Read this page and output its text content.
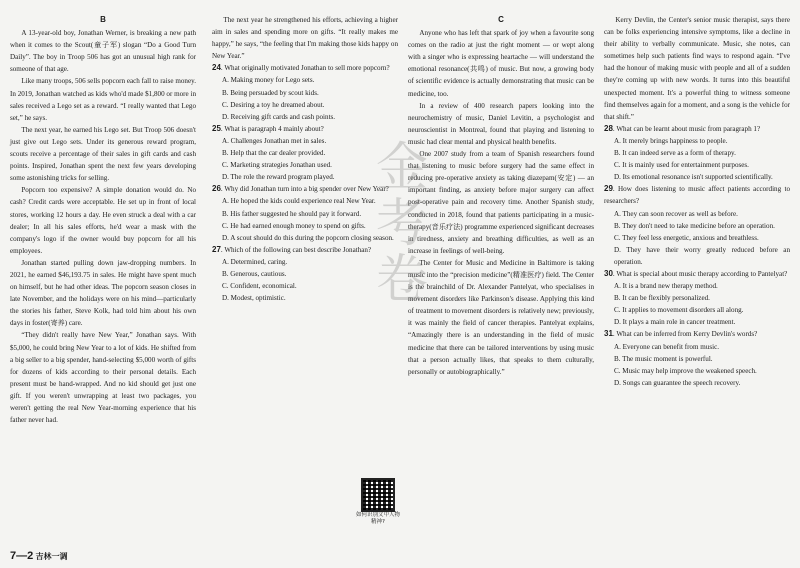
B

A 13-year-old boy, Jonathan Werner, is breaking a new path when it comes to the Scout(童子军) slogan “Do a Good Turn Daily”. The boy in Troop 506 has got an unusual high rank for someone of that age.

Like many troops, 506 sells popcorn each fall to raise money. In 2019, Jonathan watched as kids who'd made $1,800 or more in sales received a Lego set as a reward. “I really wanted that Lego set,” he says.

The next year, he earned his Lego set. But Troop 506 doesn't just give out Lego sets. Under its generous reward program, scouts receive a percentage of their sales in gift cards and cash points. Inspired, Jonathan spent the next few years developing some astonishing tricks for selling.

Popcorn too expensive? A simple donation would do. No cash? Credit cards were acceptable. He set up in front of local stores, working 12 hours a day. He even struck a deal with a car dealer; In all his sales efforts, he'd wear a mask with the company's logo if the owner would buy popcorn for all his employees.

Jonathan started pulling down jaw-dropping numbers. In 2021, he earned $46,193.75 in sales. He might have spent much on himself, but he had other ideas. The popcorn season closes in late November, and the holidays were on his mind—particularly the stories his father, Steve Kolk, had told him about his own days in foster(寄养) care.

“They didn't really have New Year,” Jonathan says. With $5,000, he could bring New Year to a lot of kids. He shifted from a big seller to a big spender, hand-selecting $5,000 worth of gifts for dozens of kids according to their personal details. Each present must be hand-wrapped. And no kid should get just one gift. If you weren't unwrapping at least two packages, you weren't getting the real New Year-morning experience that his father never had.

The next year he strengthened his efforts, achieving a higher aim in sales and spending more on gifts. “It really makes me happy,” he says, “the feeling that I'm making those kids happy on New Year.”

24. What originally motivated Jonathan to sell more popcorn?
A. Making money for Lego sets.
B. Being persuaded by scout kids.
C. Desiring a toy he dreamed about.
D. Receiving gift cards and cash points.
25. What is paragraph 4 mainly about?
A. Challenges Jonathan met in sales.
B. Help that the car dealer provided.
C. Marketing strategies Jonathan used.
D. The role the reward program played.
26. Why did Jonathan turn into a big spender over New Year?
A. He hoped the kids could experience real New Year.
B. His father suggested he should pay it forward.
C. He had earned enough money to spend on gifts.
D. A scout should do this during the popcorn closing season.
27. Which of the following can best describe Jonathan?
A. Determined, caring.
B. Generous, cautious.
C. Confident, economical.
D. Modest, optimistic.
C

Anyone who has left that spark of joy when a favourite song comes on the radio at just the right moment — or wept along with a singer who is expressing heartache — will understand the emotional resonance(共鸣) of music. But now, a growing body of scientific evidence is actually demonstrating that music can be medicine, too.

In a review of 400 research papers looking into the neurochemistry of music, Daniel Levitin, a psychologist and neuroscientist in Montreal, found that playing and listening to music had clear mental and physical health benefits.

One 2007 study from a team of Spanish researchers found that listening to music before surgery had the same effect in reducing pre-operative anxiety as taking diazepam(安定) — an important finding, as anxiety before major surgery can affect post-operative pain and recovery time. Another Spanish study, conducted in 2018, found that patients participating in a music-therapy(音乐疗法) programme experienced significant decreases in tiredness, anxiety and breathing difficulties, as well as an increase in feelings of well-being.

The Center for Music and Medicine in Baltimore is taking music into the “precision medicine”(精准医疗) field. The Center is the brainchild of Dr. Alexander Pantelyat, who specialises in movement disorders like Parkinson's disease. Applying this kind of treatment to movement disorders is relatively new; previously, it was mainly the field of cancer therapies. Pantelyat explains, “Amazingly there is an understanding in the field of music medicine that there can be tailored interventions by using music that a person actually likes, that speaks to them culturally, personally or autobiographically.”

Kerry Devlin, the Center's senior music therapist, says there can be folks experiencing intensive symptoms, like a decline in their ability to verbally communicate. Music, she notes, can sometimes help such patients find ways to respond again. “I've had the honour of making music with people and all of a sudden they're coming up with new words. It turns into this beautiful unexpected moment. It's a powerful thing to witness someone find themselves again for a moment, and a song is the vehicle for that shift.”

28. What can be learnt about music from paragraph 1?
A. It merely brings happiness to people.
B. It can indeed serve as a form of therapy.
C. It is mainly used for entertainment purposes.
D. Its emotional resonance isn't supported scientifically.
29. How does listening to music affect patients according to researchers?
A. They can soon recover as well as before.
B. They don't need to take medicine before an operation.
C. They feel less energetic, anxious and breathless.
D. They have their worry greatly reduced before an operation.
30. What is special about music therapy according to Pantelyat?
A. It is a brand new therapy method.
B. It can be flexibly personalized.
C. It applies to movement disorders all along.
D. It plays a main role in cancer treatment.
31. What can be inferred from Kerry Devlin's words?
A. Everyone can benefit from music.
B. The music moment is powerful.
C. Music may help improve the weakened speech.
D. Songs can guarantee the speech recovery.
金考卷
如何识别文中人物精神?
7—2 吉林一调
